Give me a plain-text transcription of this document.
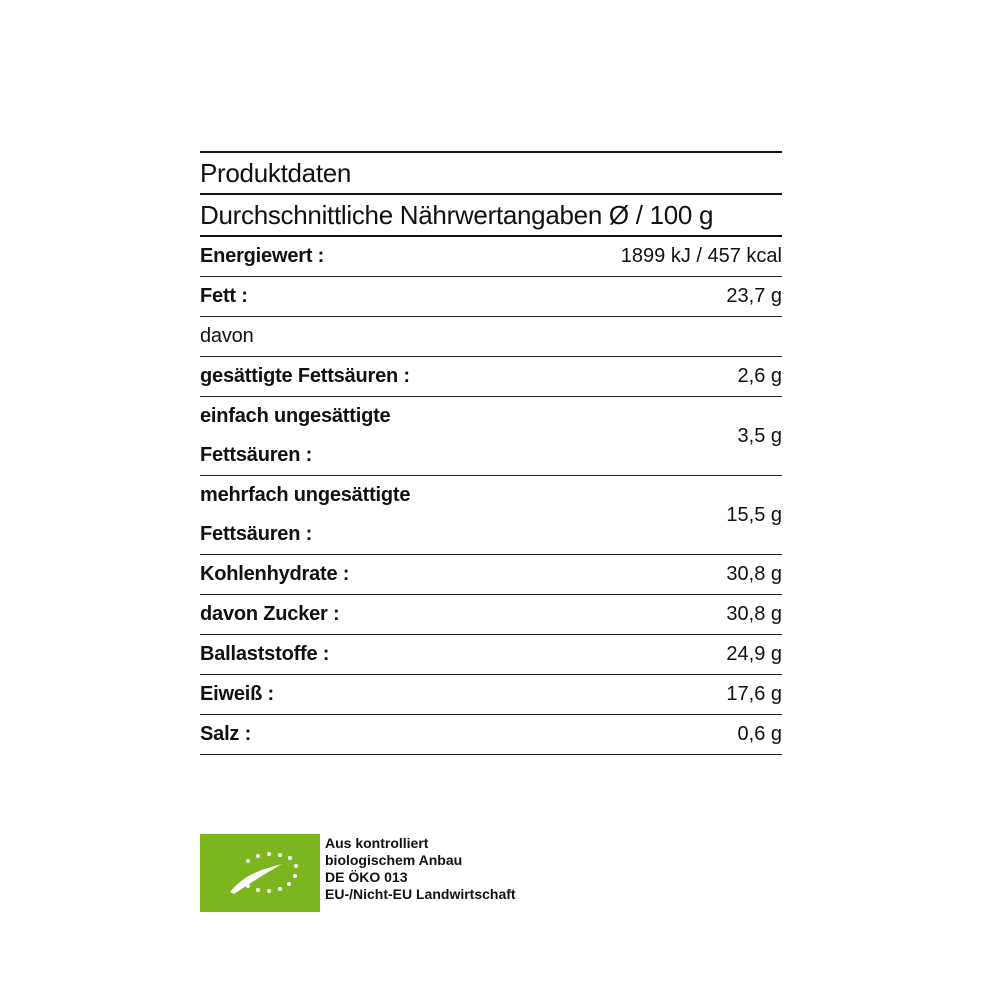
Produktdaten
Durchschnittliche Nährwertangaben Ø / 100 g
Energiewert :	1899 kJ / 457 kcal
Fett :	23,7 g
davon
gesättigte Fettsäuren :	2,6 g
einfach ungesättigte
Fettsäuren :
3,5 g
mehrfach ungesättigte
Fettsäuren :
15,5 g
Kohlenhydrate :	30,8 g
davon Zucker :	30,8 g
Ballaststoffe :	24,9 g
Eiweiß :	17,6 g
Salz :	0,6 g
Aus kontrolliert
biologischem Anbau
DE ÖKO 013
EU-/Nicht-EU Landwirtschaft
